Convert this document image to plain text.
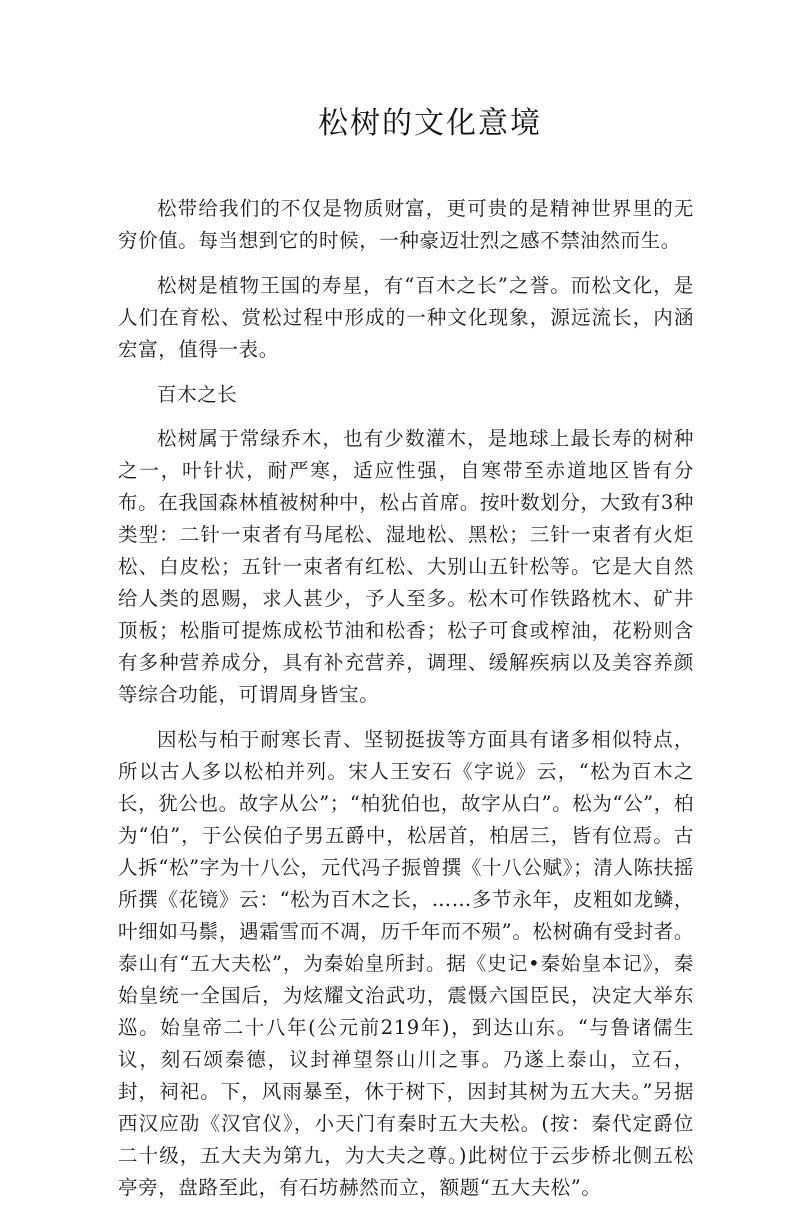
松树的文化意境

松带给我们的不仅是物质财富，更可贵的是精神世界里的无穷价值。每当想到它的时候，一种豪迈壮烈之感不禁油然而生。

松树是植物王国的寿星，有“百木之长”之誉。而松文化，是人们在育松、赏松过程中形成的一种文化现象，源远流长，内涵宏富，值得一表。

百木之长

松树属于常绿乔木，也有少数灌木，是地球上最长寿的树种之一，叶针状，耐严寒，适应性强，自寒带至赤道地区皆有分布。在我国森林植被树种中，松占首席。按叶数划分，大致有3种类型：二针一束者有马尾松、湿地松、黑松；三针一束者有火炬松、白皮松；五针一束者有红松、大别山五针松等。它是大自然给人类的恩赐，求人甚少，予人至多。松木可作铁路枕木、矿井顶板；松脂可提炼成松节油和松香；松子可食或榨油，花粉则含有多种营养成分，具有补充营养，调理、缓解疾病以及美容养颜等综合功能，可谓周身皆宝。

因松与柏于耐寒长青、坚韧挺拔等方面具有诸多相似特点，所以古人多以松柏并列。宋人王安石《字说》云，“松为百木之长，犹公也。故字从公”；“柏犹伯也，故字从白”。松为“公”，柏为“伯”，于公侯伯子男五爵中，松居首，柏居三，皆有位焉。古人拆“松”字为十八公，元代冯子振曾撰《十八公赋》；清人陈扶摇所撰《花镜》云：“松为百木之长，……多节永年，皮粗如龙鳞，叶细如马鬃，遇霜雪而不凋，历千年而不殒”。松树确有受封者。泰山有“五大夫松”，为秦始皇所封。据《史记•秦始皇本记》，秦始皇统一全国后，为炫耀文治武功，震慑六国臣民，决定大举东巡。始皇帝二十八年(公元前219年)，到达山东。“与鲁诸儒生议，刻石颂秦德，议封禅望祭山川之事。乃遂上泰山，立石，封，祠祀。下，风雨暴至，休于树下，因封其树为五大夫。”另据西汉应劭《汉官仪》，小天门有秦时五大夫松。(按：秦代定爵位二十级，五大夫为第九，为大夫之尊。)此树位于云步桥北侧五松亭旁，盘路至此，有石坊赫然而立，额题“五大夫松”。
